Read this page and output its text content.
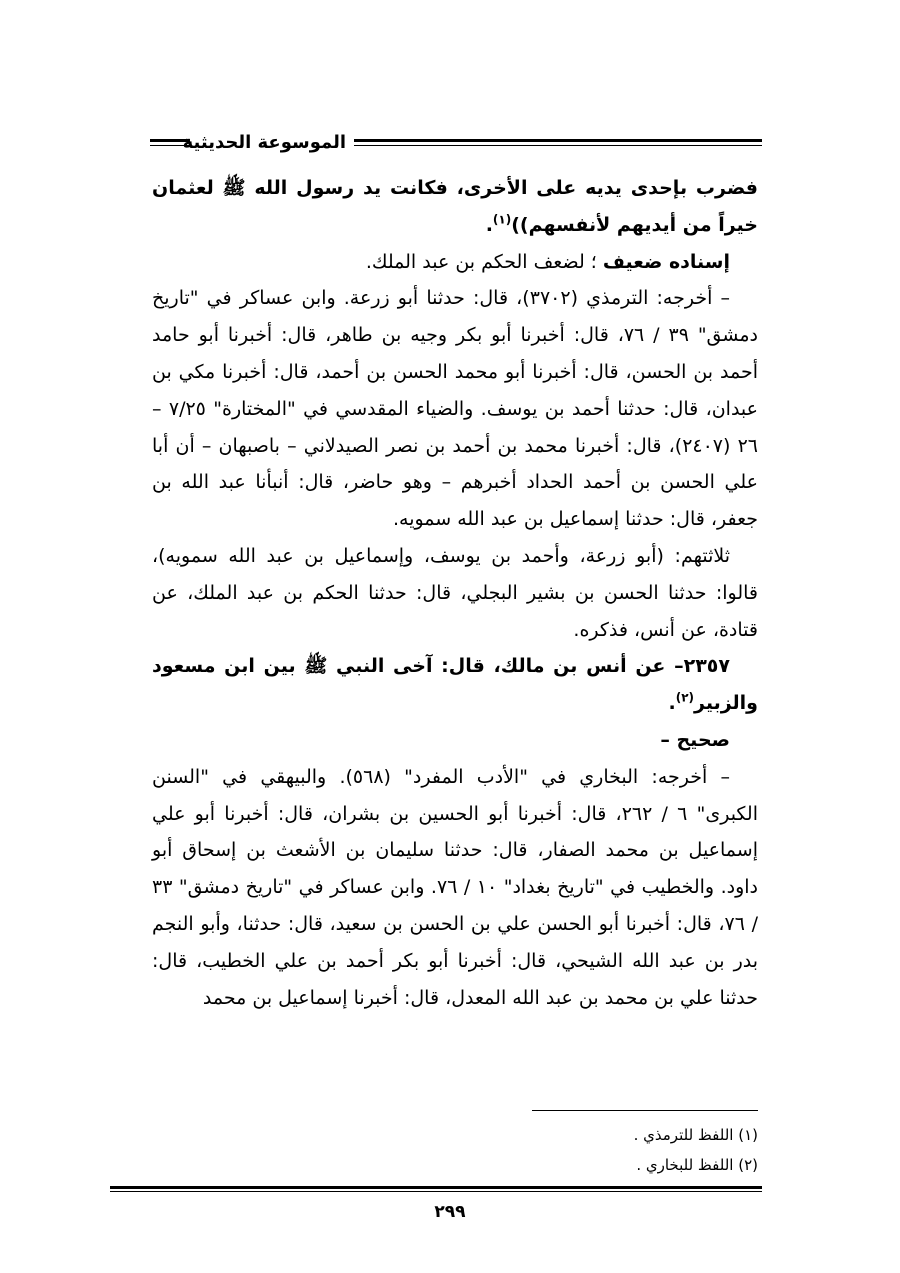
الموسوعة الحديثية

فضرب بإحدى يديه على الأخرى، فكانت يد رسول الله ﷺ لعثمان خيراً من أيديهم لأنفسهم))$^{(١)}$.

إسناده ضعيف ؛ لضعف الحكم بن عبد الملك.

– أخرجه: الترمذي (٣٧٠٢)، قال: حدثنا أبو زرعة. وابن عساكر في "تاريخ دمشق" ٣٩ / ٧٦، قال: أخبرنا أبو بكر وجيه بن طاهر، قال: أخبرنا أبو حامد أحمد بن الحسن، قال: أخبرنا أبو محمد الحسن بن أحمد، قال: أخبرنا مكي بن عبدان، قال: حدثنا أحمد بن يوسف. والضياء المقدسي في "المختارة" ٧/٢٥ – ٢٦ (٢٤٠٧)، قال: أخبرنا محمد بن أحمد بن نصر الصيدلاني – باصبهان – أن أبا علي الحسن بن أحمد الحداد أخبرهم – وهو حاضر، قال: أنبأنا عبد الله بن جعفر، قال: حدثنا إسماعيل بن عبد الله سمويه.

ثلاثتهم: (أبو زرعة، وأحمد بن يوسف، وإسماعيل بن عبد الله سمويه)، قالوا: حدثنا الحسن بن بشير البجلي، قال: حدثنا الحكم بن عبد الملك، عن قتادة، عن أنس، فذكره.

٢٣٥٧– عن أنس بن مالك، قال: آخى النبي ﷺ بين ابن مسعود والزبير$^{(٢)}$.

صحيح –

– أخرجه: البخاري في "الأدب المفرد" (٥٦٨). والبيهقي في "السنن الكبرى" ٦ / ٢٦٢، قال: أخبرنا أبو الحسين بن بشران، قال: أخبرنا أبو علي إسماعيل بن محمد الصفار، قال: حدثنا سليمان بن الأشعث بن إسحاق أبو داود. والخطيب في "تاريخ بغداد" ١٠ / ٧٦. وابن عساكر في "تاريخ دمشق" ٣٣ / ٧٦، قال: أخبرنا أبو الحسن علي بن الحسن بن سعيد، قال: حدثنا، وأبو النجم بدر بن عبد الله الشيحي، قال: أخبرنا أبو بكر أحمد بن علي الخطيب، قال: حدثنا علي بن محمد بن عبد الله المعدل، قال: أخبرنا إسماعيل بن محمد

(١) اللفظ للترمذي .
(٢) اللفظ للبخاري .
٢٩٩
